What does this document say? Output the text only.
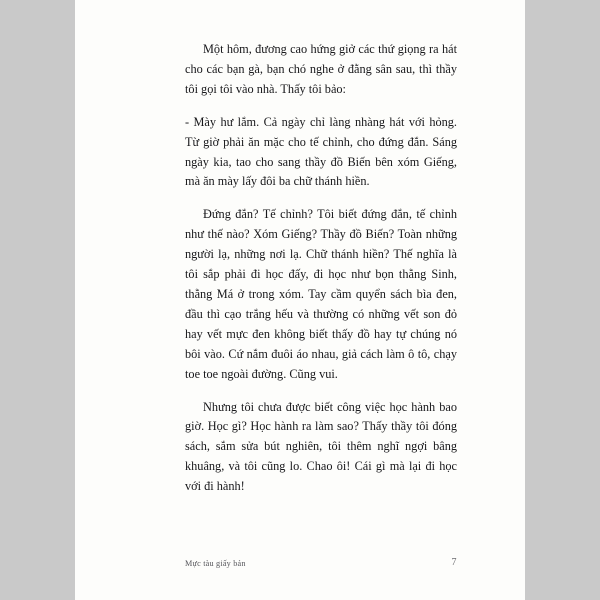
Một hôm, đương cao hứng giở các thứ giọng ra hát cho các bạn gà, bạn chó nghe ở đằng sân sau, thì thầy tôi gọi tôi vào nhà. Thấy tôi bảo:

- Mày hư lắm. Cả ngày chỉ làng nhàng hát với hỏng. Từ giờ phải ăn mặc cho tế chỉnh, cho đứng đắn. Sáng ngày kia, tao cho sang thầy đồ Biến bên xóm Giếng, mà ăn mày lấy đôi ba chữ thánh hiền.

Đứng đắn? Tế chỉnh? Tôi biết đứng đắn, tế chỉnh như thế nào? Xóm Giếng? Thầy đồ Biến? Toàn những người lạ, những nơi lạ. Chữ thánh hiền? Thế nghĩa là tôi sắp phải đi học đấy, đi học như bọn thằng Sinh, thằng Má ở trong xóm. Tay cầm quyển sách bìa đen, đầu thì cạo trắng hếu và thường có những vết son đỏ hay vết mực đen không biết thấy đồ hay tự chúng nó bôi vào. Cứ nắm đuôi áo nhau, giả cách làm ô tô, chạy toe toe ngoài đường. Cũng vui.

Nhưng tôi chưa được biết công việc học hành bao giờ. Học gì? Học hành ra làm sao? Thấy thầy tôi đóng sách, sắm sửa bút nghiên, tôi thêm nghĩ ngợi bâng khuâng, và tôi cũng lo. Chao ôi! Cái gì mà lại đi học với đi hành!

Mực tàu giấy bản	7
